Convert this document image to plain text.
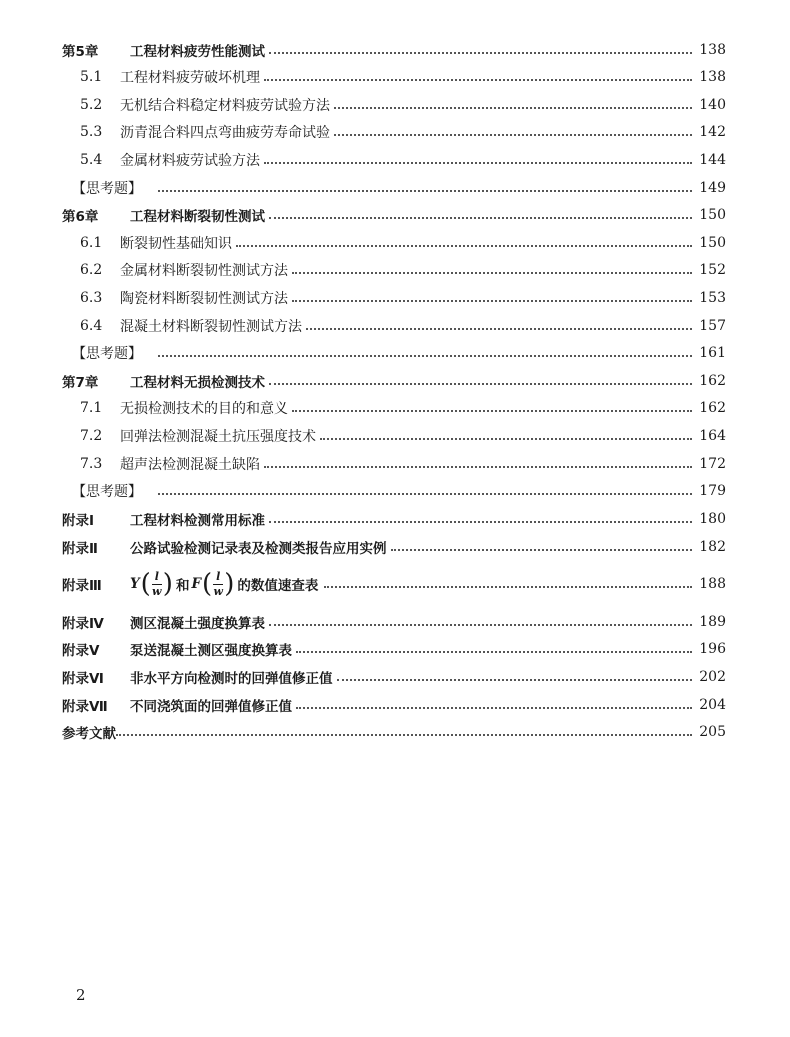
第5章	工程材料疲劳性能测试	138
5.1	工程材料疲劳破坏机理	138
5.2	无机结合料稳定材料疲劳试验方法	140
5.3	沥青混合料四点弯曲疲劳寿命试验	142
5.4	金属材料疲劳试验方法	144
【思考题】	149
第6章	工程材料断裂韧性测试	150
6.1	断裂韧性基础知识	150
6.2	金属材料断裂韧性测试方法	152
6.3	陶瓷材料断裂韧性测试方法	153
6.4	混凝土材料断裂韧性测试方法	157
【思考题】	161
第7章	工程材料无损检测技术	162
7.1	无损检测技术的目的和意义	162
7.2	回弹法检测混凝土抗压强度技术	164
7.3	超声法检测混凝土缺陷	172
【思考题】	179
附录Ⅰ	工程材料检测常用标准	180
附录Ⅱ	公路试验检测记录表及检测类报告应用实例	182
附录Ⅲ	Y ( $\frac{l}{w}$ ) 和 F ( $\frac{l}{w}$ ) 的数值速查表	188
附录Ⅳ	测区混凝土强度换算表	189
附录Ⅴ	泵送混凝土测区强度换算表	196
附录Ⅵ	非水平方向检测时的回弹值修正值	202
附录Ⅶ	不同浇筑面的回弹值修正值	204
参考文献	205
2
